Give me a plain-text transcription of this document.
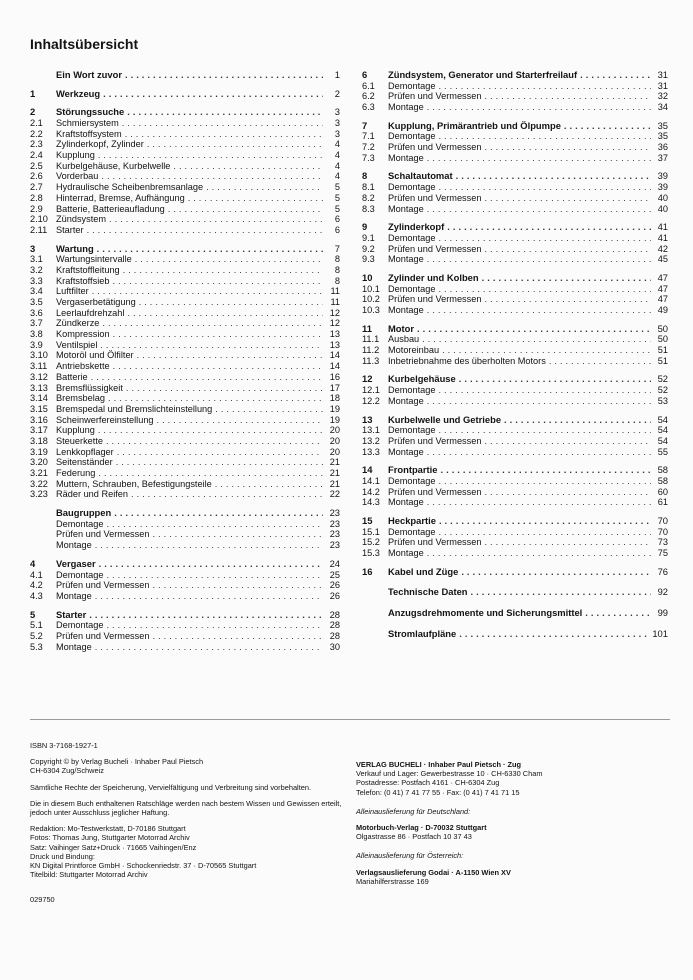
Inhaltsübersicht
Ein Wort zuvor .....	1
1	Werkzeug .....	2
2	Störungssuche .....	3
2.1	Schmiersystem .....	3
2.2	Kraftstoffsystem .....	3
2.3	Zylinderkopf, Zylinder .....	4
2.4	Kupplung .....	4
2.5	Kurbelgehäuse, Kurbelwelle .....	4
2.6	Vorderbau .....	4
2.7	Hydraulische Scheibenbremsanlage .....	5
2.8	Hinterrad, Bremse, Aufhängung .....	5
2.9	Batterie, Batterieaufladung .....	5
2.10 Zündsystem .....	6
2.11 Starter .....	6
3	Wartung .....	7
3.1	Wartungsintervalle .....	8
3.2	Kraftstoffleitung .....	8
3.3	Kraftstoffsieb .....	8
3.4	Luftfilter .....	11
3.5	Vergaserbetätigung .....	11
3.6	Leerlaufdrehzahl .....	12
3.7	Zündkerze .....	12
3.8	Kompression .....	13
3.9	Ventilspiel .....	13
3.10 Motoröl und Ölfilter .....	14
3.11 Antriebskette .....	14
3.12 Batterie .....	16
3.13 Bremsflüssigkeit .....	17
3.14 Bremsbelag .....	18
3.15 Bremspedal und Bremslichteinstellung .....	19
3.16 Scheinwerfereinstellung .....	19
3.17 Kupplung .....	20
3.18 Steuerkette .....	20
3.19 Lenkkopflager .....	20
3.20 Seitenständer .....	21
3.21 Federung .....	21
3.22 Muttern, Schrauben, Befestigungsteile .....	21
3.23 Räder und Reifen .....	22
Baugruppen .....	23
Demontage .....	23
Prüfen und Vermessen .....	23
Montage .....	23
4	Vergaser .....	24
4.1	Demontage .....	25
4.2	Prüfen und Vermessen .....	26
4.3	Montage .....	26
5	Starter .....	28
5.1	Demontage .....	28
5.2	Prüfen und Vermessen .....	28
5.3	Montage .....	30
6	Zündsystem, Generator und Starterfreilauf .....	31
6.1	Demontage .....	31
6.2	Prüfen und Vermessen .....	32
6.3	Montage .....	34
7	Kupplung, Primärantrieb und Ölpumpe .....	35
7.1	Demontage .....	35
7.2	Prüfen und Vermessen .....	36
7.3	Montage .....	37
8	Schaltautomat .....	39
8.1	Demontage .....	39
8.2	Prüfen und Vermessen .....	40
8.3	Montage .....	40
9	Zylinderkopf .....	41
9.1	Demontage .....	41
9.2	Prüfen und Vermessen .....	42
9.3	Montage .....	45
10	Zylinder und Kolben .....	47
10.1 Demontage .....	47
10.2 Prüfen und Vermessen .....	47
10.3 Montage .....	49
11	Motor .....	50
11.1 Ausbau .....	50
11.2 Motoreinbau .....	51
11.3 Inbetriebnahme des überholten Motors .....	51
12	Kurbelgehäuse .....	52
12.1 Demontage .....	52
12.2 Montage .....	53
13	Kurbelwelle und Getriebe .....	54
13.1 Demontage .....	54
13.2 Prüfen und Vermessen .....	54
13.3 Montage .....	55
14	Frontpartie .....	58
14.1 Demontage .....	58
14.2 Prüfen und Vermessen .....	60
14.3 Montage .....	61
15	Heckpartie .....	70
15.1 Demontage .....	70
15.2 Prüfen und Vermessen .....	73
15.3 Montage .....	75
16	Kabel und Züge .....	76
Technische Daten .....	92
Anzugsdrehmomente und Sicherungsmittel .....	99
Stromlaufpläne .....	101
ISBN 3-7168-1927-1
Copyright © by Verlag Bucheli · Inhaber Paul Pietsch
CH-6304 Zug/Schweiz
Sämtliche Rechte der Speicherung, Vervielfältigung und Verbreitung sind vorbehalten.
Die in diesem Buch enthaltenen Ratschläge werden nach bestem Wissen und Gewissen erteilt,
jedoch unter Ausschluss jeglicher Haftung.
Redaktion: Mo-Testwerkstatt, D-70186 Stuttgart
Fotos: Thomas Jung, Stuttgarter Motorrad Archiv
Satz: Vaihinger Satz+Druck · 71665 Vaihingen/Enz
Druck und Bindung:
KN Digital Printforce GmbH · Schockenriedstr. 37 · D-70565 Stuttgart
Titelbild: Stuttgarter Motorrad Archiv
029750
VERLAG BUCHELI · Inhaber Paul Pietsch · Zug
Verkauf und Lager: Gewerbestrasse 10 · CH-6330 Cham
Postadresse: Postfach 4161 · CH-6304 Zug
Telefon: (0 41) 7 41 77 55 · Fax: (0 41) 7 41 71 15
Alleinauslieferung für Deutschland:
Motorbuch-Verlag · D-70032 Stuttgart
Olgastrasse 86 · Postfach 10 37 43
Alleinauslieferung für Österreich:
Verlagsauslieferung Godai · A-1150 Wien XV
Mariahilferstrasse 169
